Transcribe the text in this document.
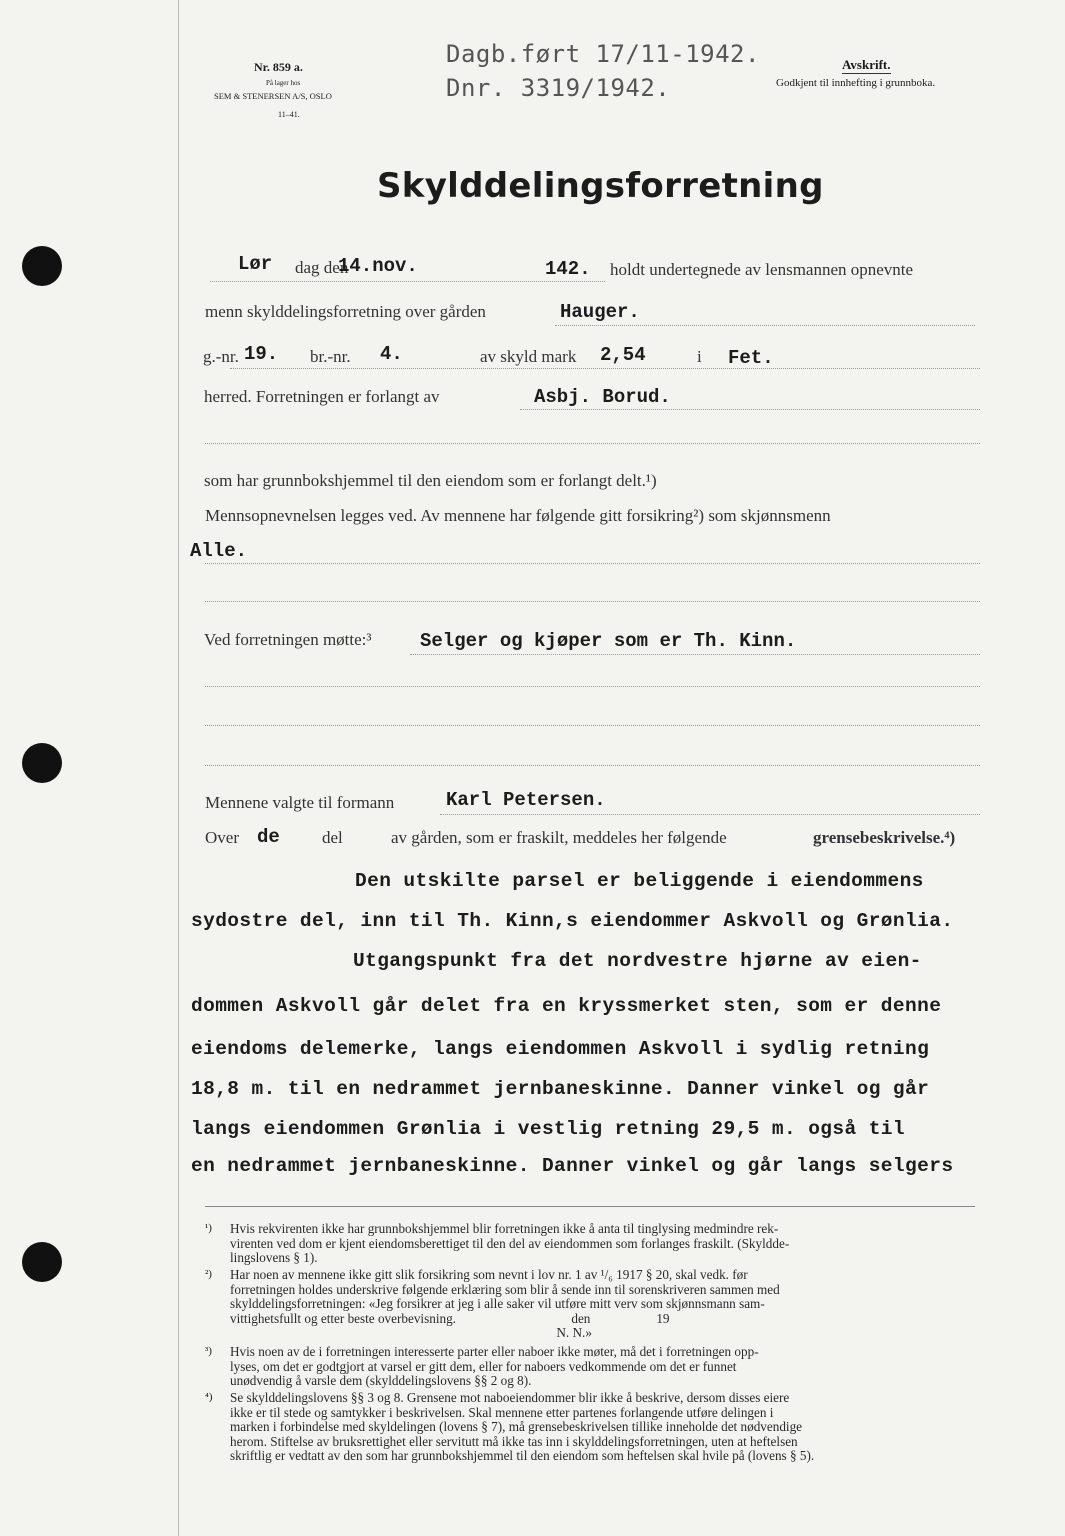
Nr. 859 a.
På lager hos
SEM & STENERSEN A/S, OSLO
11–41.
Dagb.ført 17/11-1942.
Dnr. 3319/1942.
Avskrift.
Godkjent til innhefting i grunnboka.
Skylddelingsforretning
Lør dag den
14.nov.	142. holdt undertegnede av lensmannen opnevnte
menn skylddelingsforretning over gården	Hauger.
g.-nr. 19. br.-nr. 4.	av skyld mark 2,54	i Fet.
herred. Forretningen er forlangt av	Asbj. Borud.
som har grunnbokshjemmel til den eiendom som er forlangt delt.¹)
Mennsopnevnelsen legges ved. Av mennene har følgende gitt forsikring²) som skjønnsmenn
Alle.
Ved forretningen møtte:³	Selger og kjøper som er Th. Kinn.
Mennene valgte til formann	Karl Petersen.
Over de del	av gården, som er fraskilt, meddeles her følgende	grensebeskrivelse.⁴)
Den utskilte parsel er beliggende i eiendommens
sydostre del, inn til Th. Kinn,s eiendommer Askvoll og Grønlia.
Utgangspunkt fra det nordvestre hjørne av eien-
dommen Askvoll går delet fra en kryssmerket sten, som er denne
eiendoms delemerke, langs eiendommen Askvoll i sydlig retning
18,8 m. til en nedrammet jernbaneskinne. Danner vinkel og går
langs eiendommen Grønlia i vestlig retning 29,5 m. også til
en nedrammet jernbaneskinne. Danner vinkel og går langs selgers
¹) Hvis rekvirenten ikke har grunnbokshjemmel blir forretningen ikke å anta til tinglysing medmindre rek-
virenten ved dom er kjent eiendomsberettiget til den del av eiendommen som forlanges fraskilt. (Skyldde-
lingslovens § 1).
²) Har noen av mennene ikke gitt slik forsikring som nevnt i lov nr. 1 av ¹/₆ 1917 § 20, skal vedk. før
forretningen holdes underskrive følgende erklæring som blir å sende inn til sorenskriveren sammen med
skylddelingsforretningen: «Jeg forsikrer at jeg i alle saker vil utføre mitt verv som skjønnsmann sam-
vittighetsfullt og etter beste overbevisning.                                   den                    19
N. N.»
³) Hvis noen av de i forretningen interesserte parter eller naboer ikke møter, må det i forretningen opp-
lyses, om det er godtgjort at varsel er gitt dem, eller for naboers vedkommende om det er funnet
unødvendig å varsle dem (skylddelingslovens §§ 2 og 8).
⁴) Se skylddelingslovens §§ 3 og 8. Grensene mot naboeiendommer blir ikke å beskrive, dersom disses eiere
ikke er til stede og samtykker i beskrivelsen. Skal mennene etter partenes forlangende utføre delingen i
marken i forbindelse med skyldelingen (lovens § 7), må grensebeskrivelsen tillike inneholde det nødvendige
herom. Stiftelse av bruksrettighet eller servitutt må ikke tas inn i skylddelingsforretningen, uten at heftelsen
skriftlig er vedtatt av den som har grunnbokshjemmel til den eiendom som heftelsen skal hvile på (lovens § 5).
